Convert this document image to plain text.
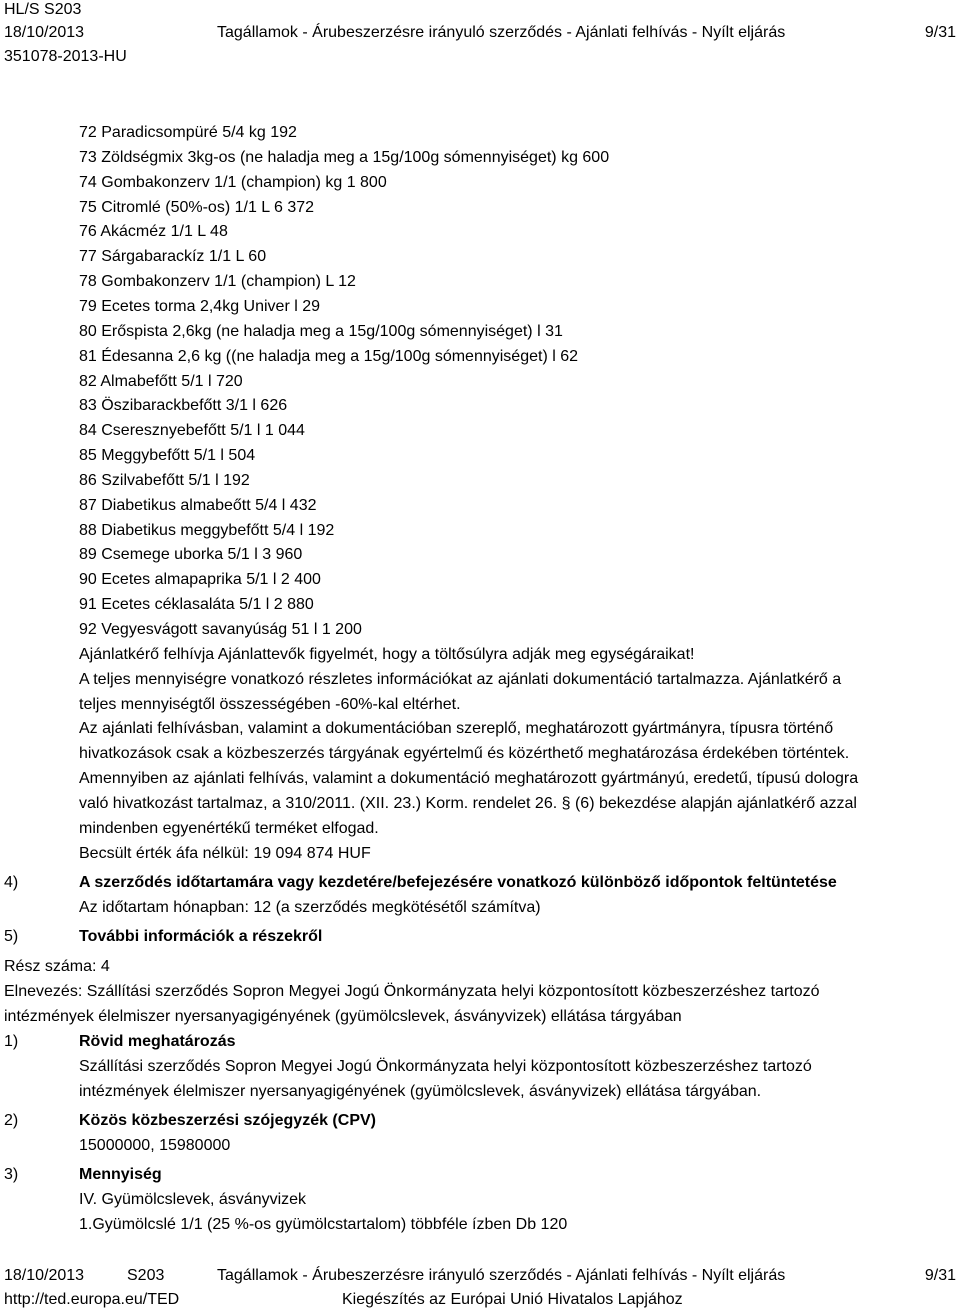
HL/S S203
18/10/2013	Tagállamok - Árubeszerzésre irányuló szerződés - Ajánlati felhívás - Nyílt eljárás	9/31
351078-2013-HU
72 Paradicsompüré 5/4 kg 192
73 Zöldségmix 3kg-os (ne haladja meg a 15g/100g sómennyiséget) kg 600
74 Gombakonzerv 1/1 (champion) kg 1 800
75 Citromlé (50%-os) 1/1 L 6 372
76 Akácméz 1/1 L 48
77 Sárgabarackíz 1/1 L 60
78 Gombakonzerv 1/1 (champion) L 12
79 Ecetes torma 2,4kg Univer l 29
80 Erőspista 2,6kg (ne haladja meg a 15g/100g sómennyiséget) l 31
81 Édesanna 2,6 kg ((ne haladja meg a 15g/100g sómennyiséget) l 62
82 Almabefőtt 5/1 l 720
83 Öszibarackbefőtt 3/1 l 626
84 Cseresznyebefőtt 5/1 l 1 044
85 Meggybefőtt 5/1 l 504
86 Szilvabefőtt 5/1 l 192
87 Diabetikus almabeőtt 5/4 l 432
88 Diabetikus meggybefőtt 5/4 l 192
89 Csemege uborka 5/1 l 3 960
90 Ecetes almapaprika 5/1 l 2 400
91 Ecetes céklasaláta 5/1 l 2 880
92 Vegyesvágott savanyúság 51 l 1 200
Ajánlatkérő felhívja Ajánlattevők figyelmét, hogy a töltősúlyra adják meg egységáraikat!
A teljes mennyiségre vonatkozó részletes információkat az ajánlati dokumentáció tartalmazza. Ajánlatkérő a
teljes mennyiségtől összességében -60%-kal eltérhet.
Az ajánlati felhívásban, valamint a dokumentációban szereplő, meghatározott gyártmányra, típusra történő
hivatkozások csak a közbeszerzés tárgyának egyértelmű és közérthető meghatározása érdekében történtek.
Amennyiben az ajánlati felhívás, valamint a dokumentáció meghatározott gyártmányú, eredetű, típusú dologra
való hivatkozást tartalmaz, a 310/2011. (XII. 23.) Korm. rendelet 26. § (6) bekezdése alapján ajánlatkérő azzal
mindenben egyenértékű terméket elfogad.
Becsült érték áfa nélkül: 19 094 874 HUF
4)	A szerződés időtartamára vagy kezdetére/befejezésére vonatkozó különböző időpontok feltüntetése
Az időtartam hónapban: 12 (a szerződés megkötésétől számítva)
5)	További információk a részekről
Rész száma: 4
Elnevezés: Szállítási szerződés Sopron Megyei Jogú Önkormányzata helyi központosított közbeszerzéshez tartozó
intézmények élelmiszer nyersanyagigényének (gyümölcslevek, ásványvizek) ellátása tárgyában
1)	Rövid meghatározás
Szállítási szerződés Sopron Megyei Jogú Önkormányzata helyi központosított közbeszerzéshez tartozó
intézmények élelmiszer nyersanyagigényének (gyümölcslevek, ásványvizek) ellátása tárgyában.
2)	Közös közbeszerzési szójegyzék (CPV)
15000000, 15980000
3)	Mennyiség
IV. Gyümölcslevek, ásványvizek
1.Gyümölcslé 1/1 (25 %-os gyümölcstartalom) többféle ízben Db 120
18/10/2013	S203	Tagállamok - Árubeszerzésre irányuló szerződés - Ajánlati felhívás - Nyílt eljárás	9/31
http://ted.europa.eu/TED	Kiegészítés az Európai Unió Hivatalos Lapjához
